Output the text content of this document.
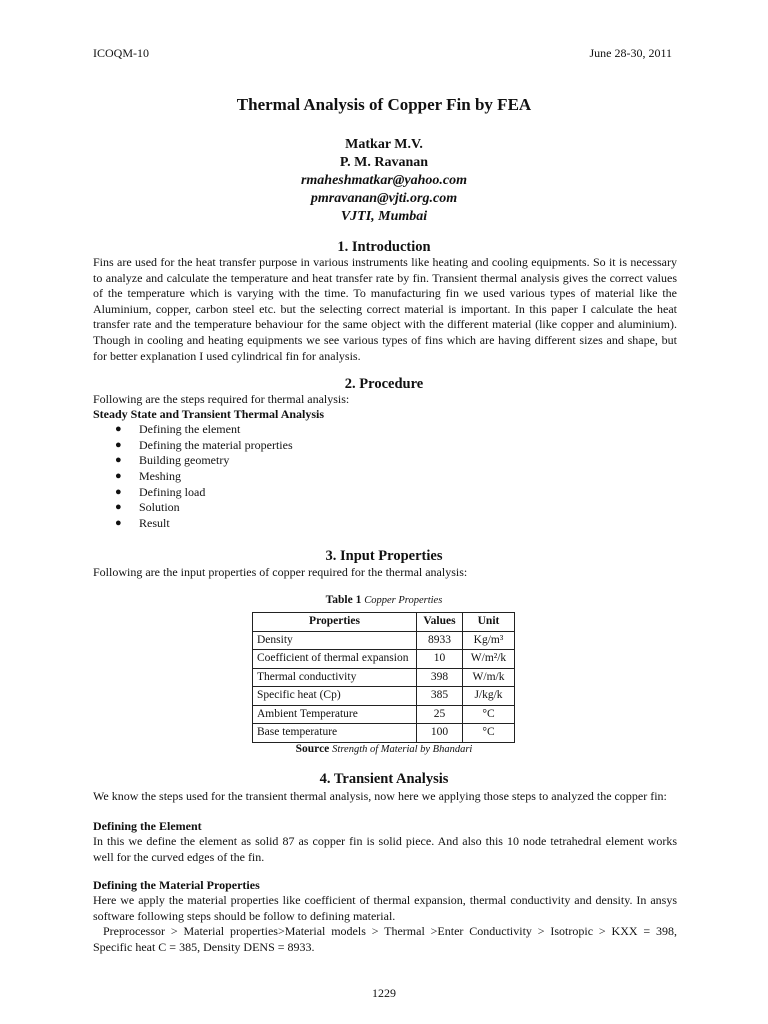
ICOQM-10	June 28-30, 2011
Thermal Analysis of Copper Fin by FEA
Matkar M.V.
P. M. Ravanan
rmaheshmatkar@yahoo.com
pmravanan@vjti.org.com
VJTI, Mumbai
1. Introduction

Fins are used for the heat transfer purpose in various instruments like heating and cooling equipments. So it is necessary to analyze and calculate the temperature and heat transfer rate by fin. Transient thermal analysis gives the correct values of the temperature which is varying with the time. To manufacturing fin we used various types of material like the Aluminium, copper, carbon steel etc. but the selecting correct material is important. In this paper I calculate the heat transfer rate and the temperature behaviour for the same object with the different material (like copper and aluminium). Though in cooling and heating equipments we see various types of fins which are having different sizes and shape, but for better explanation I used cylindrical fin for analysis.

2. Procedure

Following are the steps required for thermal analysis:

Steady State and Transient Thermal Analysis

● Defining the element
● Defining the material properties
● Building geometry
● Meshing
● Defining load
● Solution
● Result
3. Input Properties

Following are the input properties of copper required for the thermal analysis:

Table 1 Copper Properties
Properties	Values	Unit
Density	8933	Kg/m³
Coefficient of thermal expansion	10	W/m²/k
Thermal conductivity	398	W/m/k
Specific heat (Cp)	385	J/kg/k
Ambient Temperature	25	°C
Base temperature	100	°C
Source Strength of Material by Bhandari
4. Transient Analysis

We know the steps used for the transient thermal analysis, now here we applying those steps to analyzed the copper fin:

Defining the Element

In this we define the element as solid 87 as copper fin is solid piece. And also this 10 node tetrahedral element works well for the curved edges of the fin.

Defining the Material Properties

Here we apply the material properties like coefficient of thermal expansion, thermal conductivity and density. In ansys software following steps should be follow to defining material.

Preprocessor > Material properties>Material models > Thermal >Enter Conductivity > Isotropic > KXX = 398, Specific heat C = 385, Density DENS = 8933.

1229
